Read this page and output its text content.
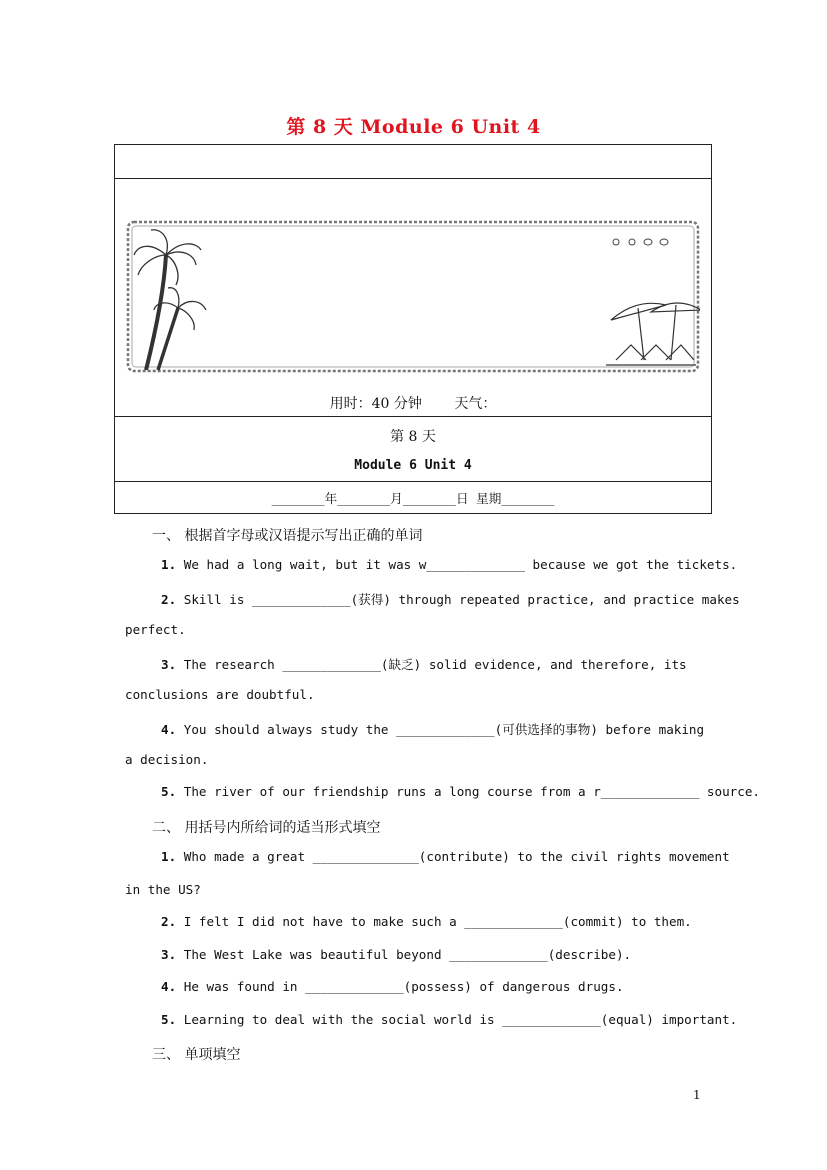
第 8 天 Module 6 Unit 4
用时：40 分钟 天气：
第 8 天
Module 6 Unit 4
_______年_______月_______日 星期_______
一、 根据首字母或汉语提示写出正确的单词
1. We had a long wait, but it was w_____________ because we got the tickets.
2. Skill is _____________(获得) through repeated practice, and practice makes
perfect.
3. The research _____________(缺乏) solid evidence, and therefore, its
conclusions are doubtful.
4. You should always study the _____________(可供选择的事物) before making
a decision.
5. The river of our friendship runs a long course from a r_____________ source.
二、 用括号内所给词的适当形式填空
1. Who made a great ______________(contribute) to the civil rights movement
in the US?
2. I felt I did not have to make such a _____________(commit) to them.
3. The West Lake was beautiful beyond _____________(describe).
4. He was found in _____________(possess) of dangerous drugs.
5. Learning to deal with the social world is _____________(equal) important.
三、 单项填空
1
